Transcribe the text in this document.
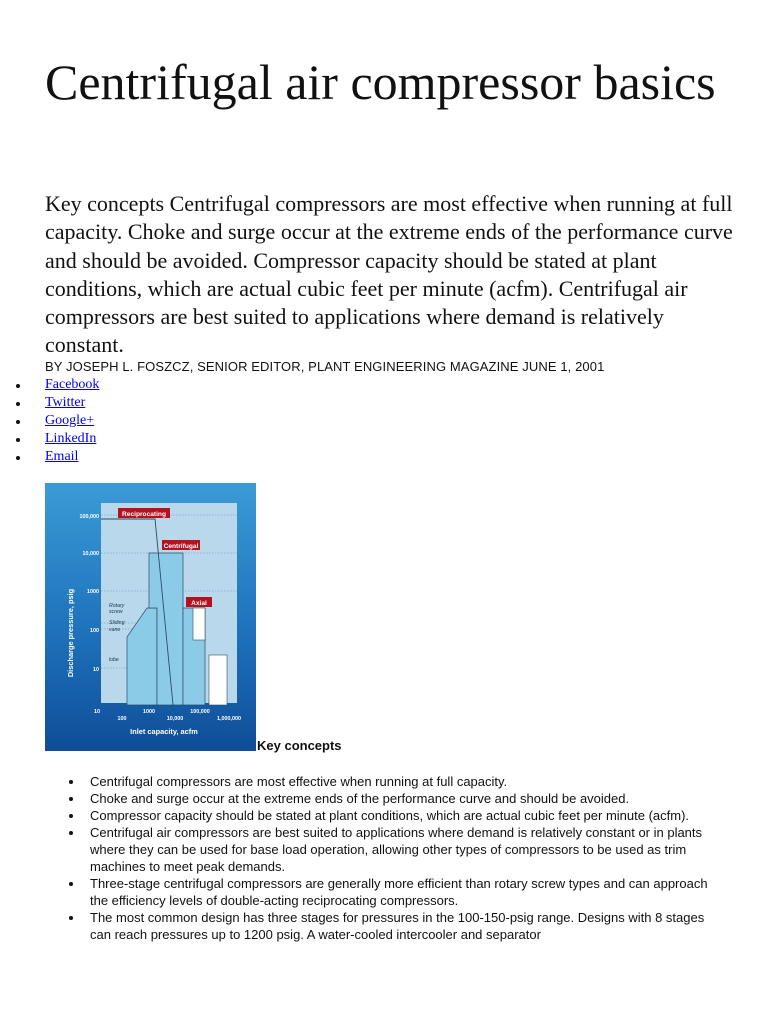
Centrifugal air compressor basics

Key concepts Centrifugal compressors are most effective when running at full capacity. Choke and surge occur at the extreme ends of the performance curve and should be avoided. Compressor capacity should be stated at plant conditions, which are actual cubic feet per minute (acfm). Centrifugal air compressors are best suited to applications where demand is relatively constant.

BY JOSEPH L. FOSZCZ, SENIOR EDITOR, PLANT ENGINEERING MAGAZINE JUNE 1, 2001
Facebook
Twitter
Google+
LinkedIn
Email
Reciprocating
Centrifugal
Axial
Rotary
screw
Sliding
vane
lobe
100,000
10,000
1000
100
10
Discharge pressure, psig
10	1000	100,000
100	10,000	1,000,000
Inlet capacity, acfm
Key concepts
Centrifugal compressors are most effective when running at full capacity.
Choke and surge occur at the extreme ends of the performance curve and should be avoided.
Compressor capacity should be stated at plant conditions, which are actual cubic feet per minute (acfm).
Centrifugal air compressors are best suited to applications where demand is relatively constant or in plants where they can be used for base load operation, allowing other types of compressors to be used as trim machines to meet peak demands.
Three-stage centrifugal compressors are generally more efficient than rotary screw types and can approach the efficiency levels of double-acting reciprocating compressors.
The most common design has three stages for pressures in the 100-150-psig range. Designs with 8 stages can reach pressures up to 1200 psig. A water-cooled intercooler and separator
